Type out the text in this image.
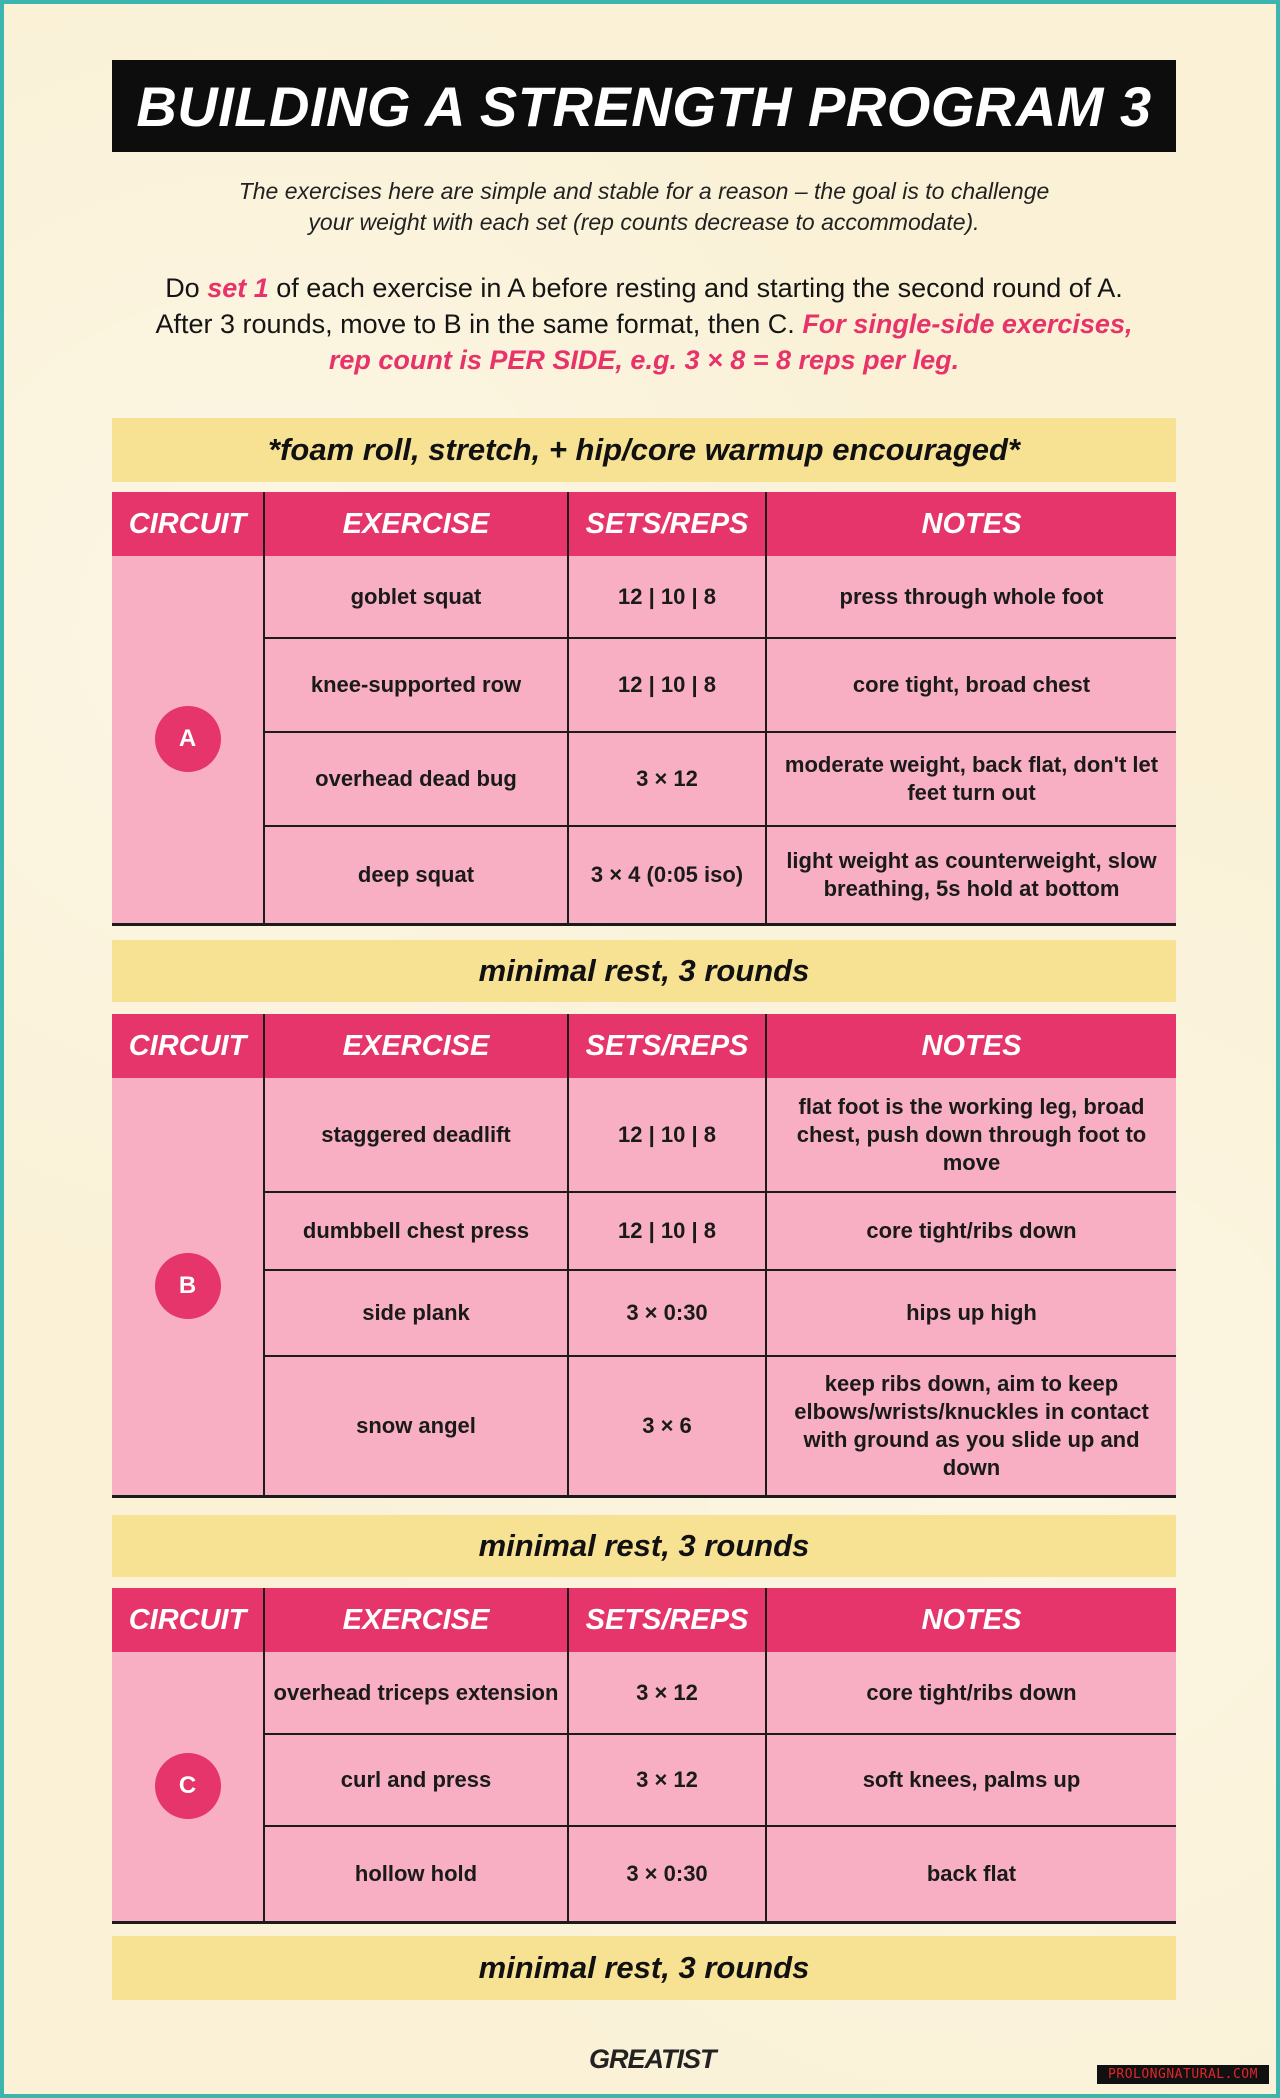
BUILDING A STRENGTH PROGRAM 3
The exercises here are simple and stable for a reason – the goal is to challenge
your weight with each set (rep counts decrease to accommodate).
Do set 1 of each exercise in A before resting and starting the second round of A.
After 3 rounds, move to B in the same format, then C. For single-side exercises,
rep count is PER SIDE, e.g. 3 × 8 = 8 reps per leg.
*foam roll, stretch, + hip/core warmup encouraged*
CIRCUIT	EXERCISE	SETS/REPS	NOTES
A	goblet squat	12 | 10 | 8	press through whole foot
	knee-supported row	12 | 10 | 8	core tight, broad chest
	overhead dead bug	3 × 12	moderate weight, back flat, don't let feet turn out
	deep squat	3 × 4 (0:05 iso)	light weight as counterweight, slow breathing, 5s hold at bottom
minimal rest, 3 rounds
CIRCUIT	EXERCISE	SETS/REPS	NOTES
B	staggered deadlift	12 | 10 | 8	flat foot is the working leg, broad chest, push down through foot to move
	dumbbell chest press	12 | 10 | 8	core tight/ribs down
	side plank	3 × 0:30	hips up high
	snow angel	3 × 6	keep ribs down, aim to keep elbows/wrists/knuckles in contact with ground as you slide up and down
minimal rest, 3 rounds
CIRCUIT	EXERCISE	SETS/REPS	NOTES
C	overhead triceps extension	3 × 12	core tight/ribs down
	curl and press	3 × 12	soft knees, palms up
	hollow hold	3 × 0:30	back flat
minimal rest, 3 rounds
GREATIST
PROLONGNATURAL.COM
